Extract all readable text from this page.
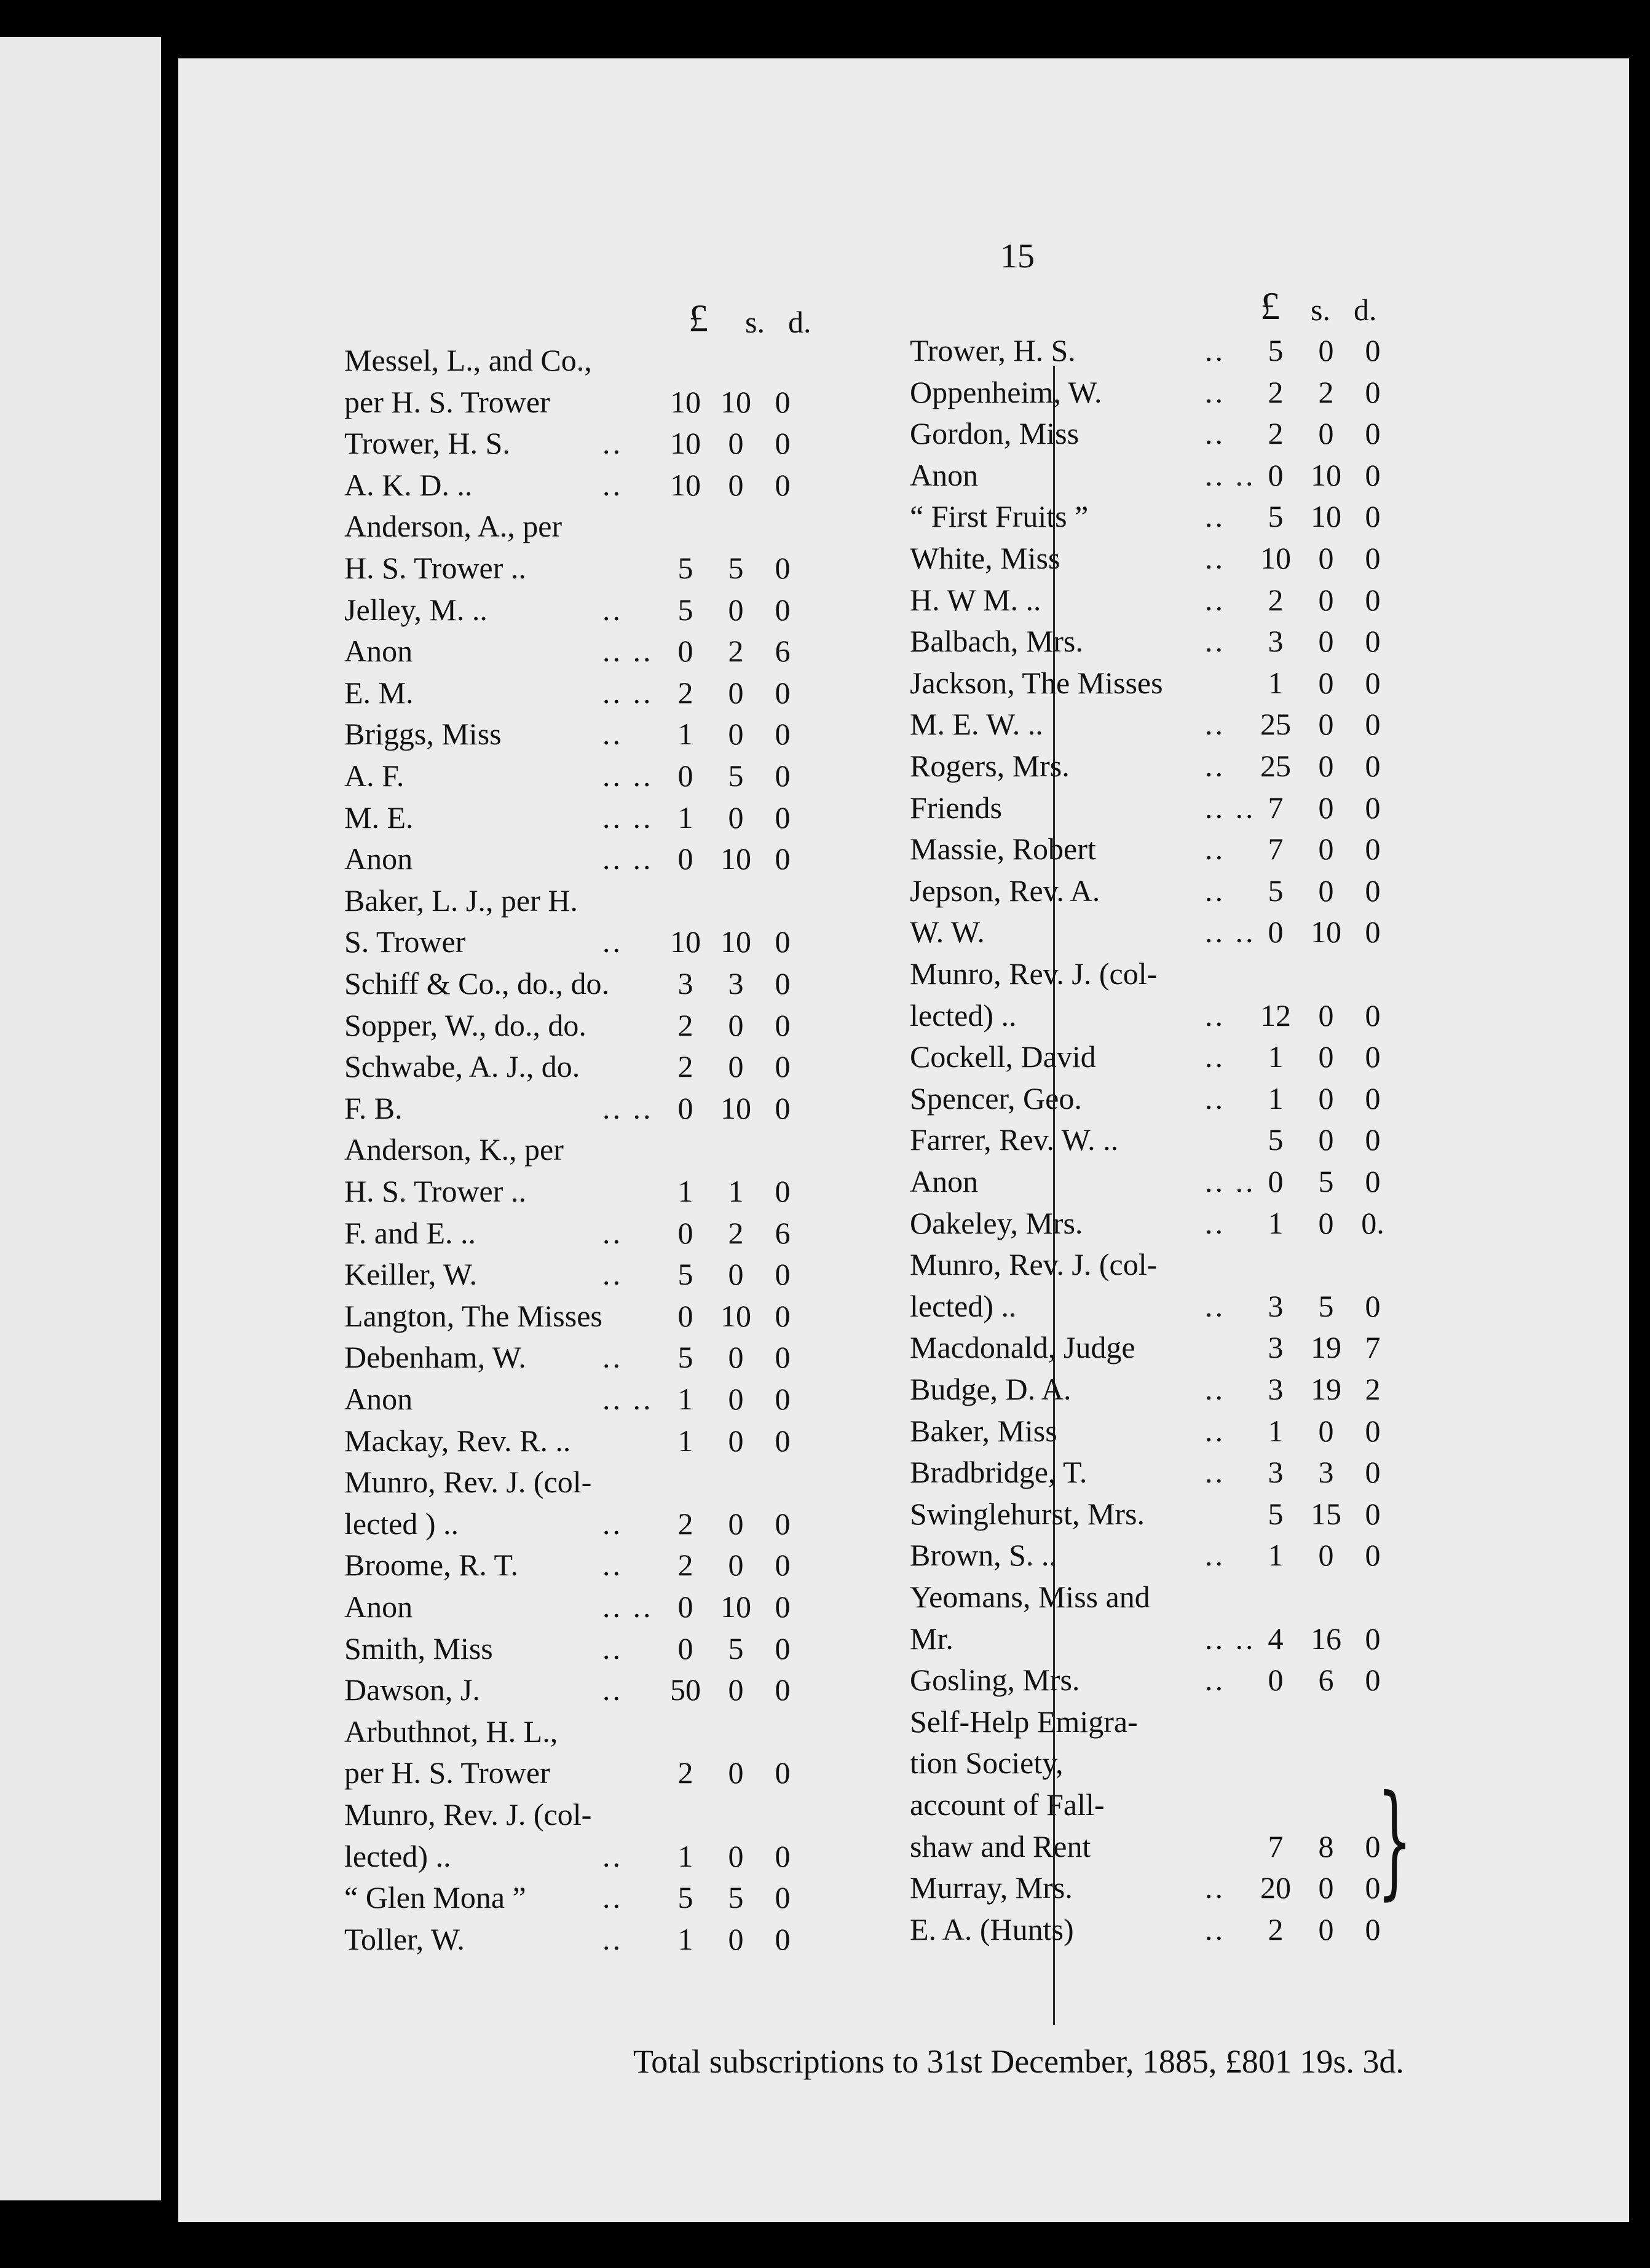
15
£ s. d.	£ s. d.
Messel, L., and Co.,
per H. S. Trower	10 10 0
Trower, H. S.	..	10 0	0
A. K. D. ..	..	10 0	0
Anderson, A., per
H. S. Trower ..	5	5	0
Jelley, M. ..	..	5	0	0
Anon	.. .. 0	2	6
E. M.	.. .. 2	0	0
Briggs, Miss	..	1	0	0
A. F.	.. .. 0	5	0
M. E.	.. .. 1	0	0
Anon	.. .. 0 10 0
Baker, L. J., per H.
S. Trower	..	10 10 0
Schiff & Co., do., do.	3	3	0
Sopper, W., do., do.	2	0	0
Schwabe, A. J., do.	2	0	0
F. B.	.. .. 0 10 0
Anderson, K., per
H. S. Trower ..	1	1	0
F. and E. ..	..	0	2	6
Keiller, W.	..	5	0	0
Langton, The Misses	0 10 0
Debenham, W. ..	5	0	0
Anon	.. .. 1	0	0
Mackay, Rev. R. ..	1	0	0
Munro, Rev. J. (col-
lected ) ..	..	2	0	0
Broome, R. T.	..	2	0	0
Anon	.. .. 0 10 0
Smith, Miss	..	0	5	0
Dawson, J.	..	50 0	0
Arbuthnot, H. L.,
per H. S. Trower	2	0	0
Munro, Rev. J. (col-
lected) ..	..	1	0	0
“ Glen Mona ” ..	5	5	0
Toller, W.	..	1	0	0
Trower, H. S.	..	5	0	0
Oppenheim, W.	..	2	2	0
Gordon, Miss	..	2	0	0
Anon	.. .. 0 10 0
“ First Fruits ”	..	5 10 0
White, Miss	..	10 0	0
H. W M. ..	..	2	0	0
Balbach, Mrs.	..	3	0	0
Jackson, The Misses	1	0	0
M. E. W. ..	..	25 0	0
Rogers, Mrs.	..	25 0	0
Friends	.. .. 7	0	0
Massie, Robert	..	7	0	0
Jepson, Rev. A.	..	5	0	0
W. W.	.. .. 0 10 0
Munro, Rev. J. (col-
lected) ..	..	12 0	0
Cockell, David	..	1	0	0
Spencer, Geo.	..	1	0	0
Farrer, Rev. W. ..	5	0	0
Anon	.. .. 0	5	0
Oakeley, Mrs.	..	1	0 0.
Munro, Rev. J. (col-
lected) ..	..	3	5	0
Macdonald, Judge	3 19 7
Budge, D. A.	..	3 19 2
Baker, Miss	..	1	0	0
Bradbridge, T.	..	3	3	0
Swinglehurst, Mrs.	5 15 0
Brown, S. ..	..	1	0	0
Yeomans, Miss and
Mr.	.. .. 4 16 0
Gosling, Mrs.	..	0	6	0
Self-Help Emigra-
tion Society,
account of Fall-
shaw and Rent	7	8	0
Murray, Mrs.	..	20 0	0
E. A. (Hunts)	..	2	0	0
}
Total subscriptions to 31st December, 1885, £801 19s. 3d.
